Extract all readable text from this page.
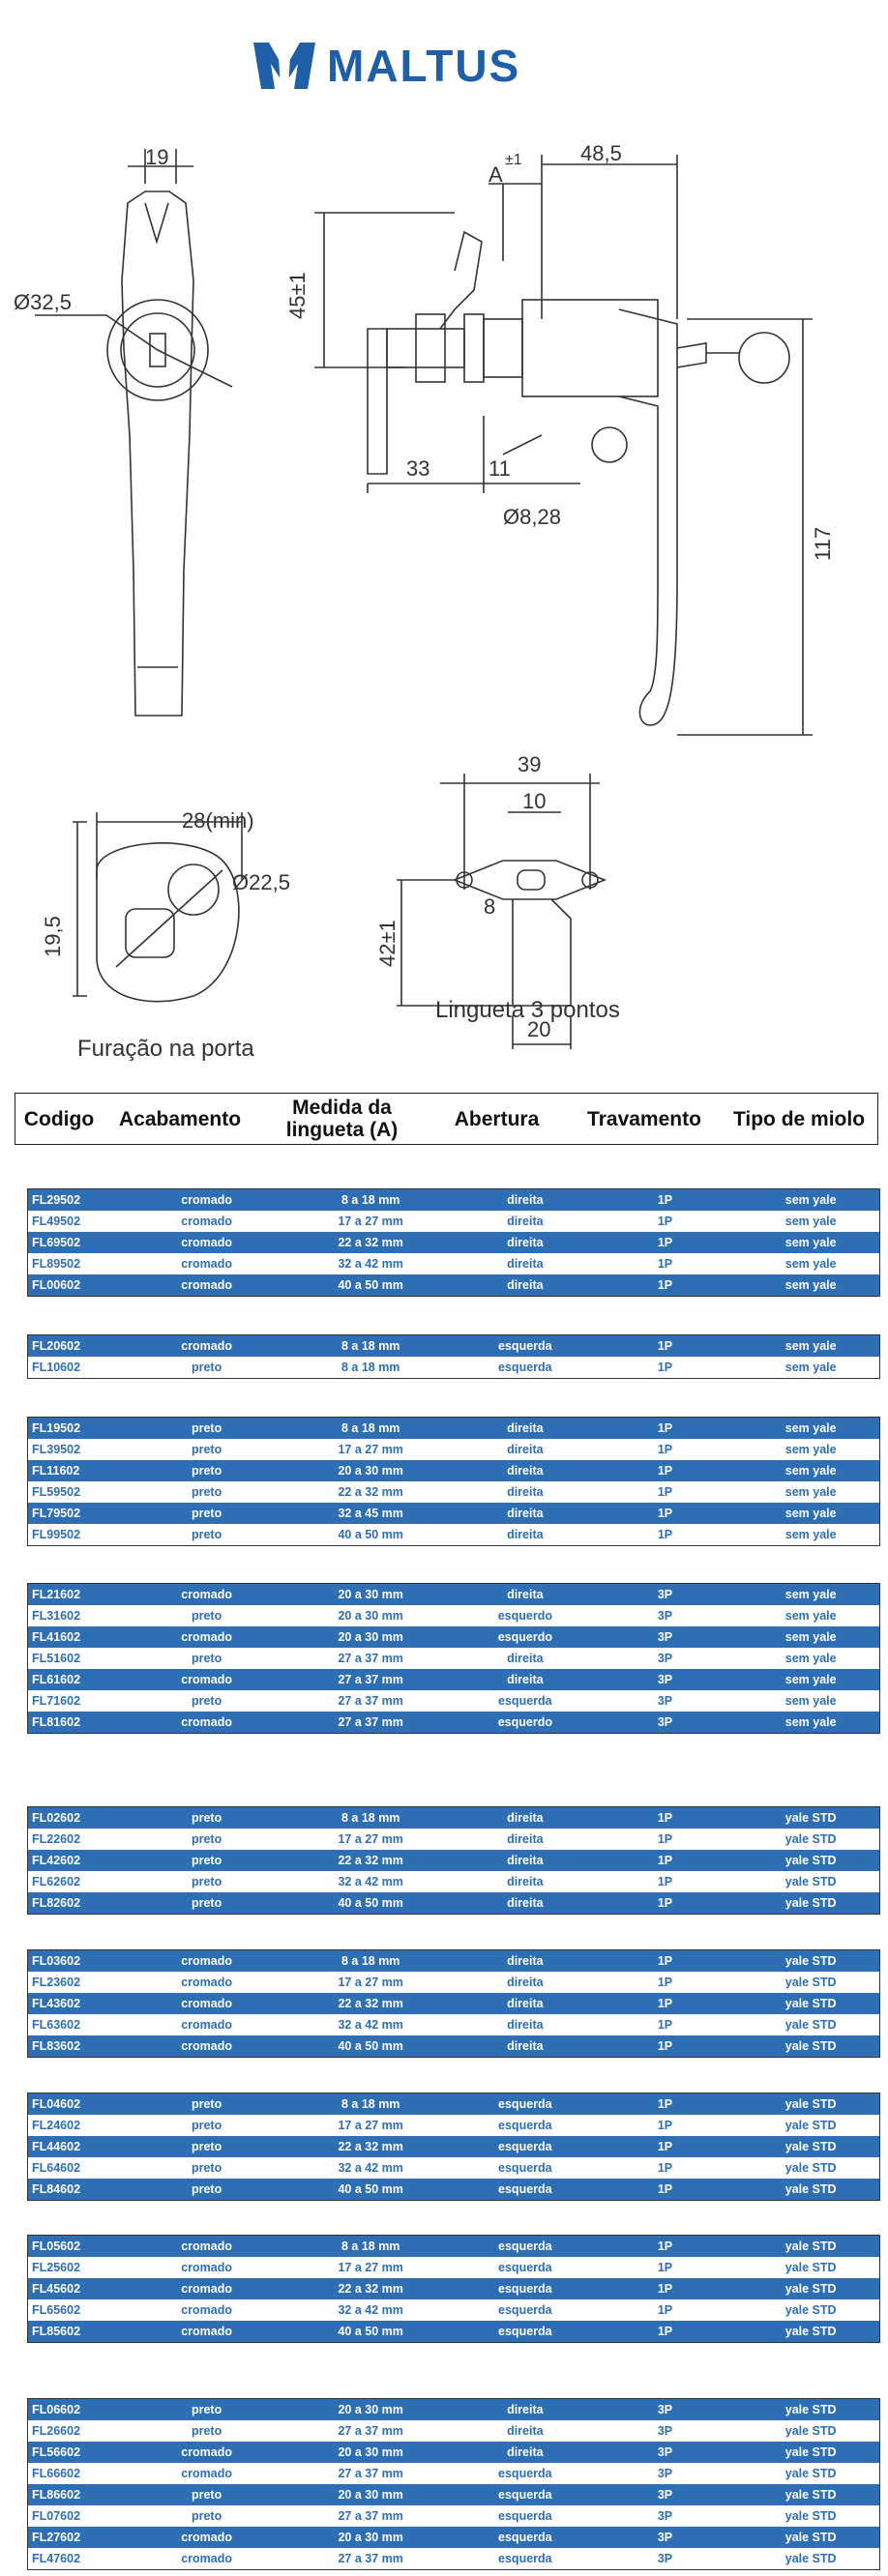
MALTUS
19
A
±1	48,5
45±1
Ø32,5
33	11
Ø8,28
117
39
10
8
42±1
20
28(min)
Ø22,5
19,5
Furação na porta
Lingueta 3 pontos
Codigo	Acabamento	Medida da lingueta (A)	Abertura	Travamento	Tipo de miolo
FL29502	cromado	8 a 18 mm	direita	1P	sem yale
FL49502	cromado	17 a 27 mm	direita	1P	sem yale
FL69502	cromado	22 a 32 mm	direita	1P	sem yale
FL89502	cromado	32 a 42 mm	direita	1P	sem yale
FL00602	cromado	40 a 50 mm	direita	1P	sem yale
FL20602	cromado	8 a 18 mm	esquerda	1P	sem yale
FL10602	preto	8 a 18 mm	esquerda	1P	sem yale
FL19502	preto	8 a 18 mm	direita	1P	sem yale
FL39502	preto	17 a 27 mm	direita	1P	sem yale
FL11602	preto	20 a 30 mm	direita	1P	sem yale
FL59502	preto	22 a 32 mm	direita	1P	sem yale
FL79502	preto	32 a 45 mm	direita	1P	sem yale
FL99502	preto	40 a 50 mm	direita	1P	sem yale
FL21602	cromado	20 a 30 mm	direita	3P	sem yale
FL31602	preto	20 a 30 mm	esquerdo	3P	sem yale
FL41602	cromado	20 a 30 mm	esquerdo	3P	sem yale
FL51602	preto	27 a 37 mm	direita	3P	sem yale
FL61602	cromado	27 a 37 mm	direita	3P	sem yale
FL71602	preto	27 a 37 mm	esquerda	3P	sem yale
FL81602	cromado	27 a 37 mm	esquerdo	3P	sem yale
FL02602	preto	8 a 18 mm	direita	1P	yale STD
FL22602	preto	17 a 27 mm	direita	1P	yale STD
FL42602	preto	22 a 32 mm	direita	1P	yale STD
FL62602	preto	32 a 42 mm	direita	1P	yale STD
FL82602	preto	40 a 50 mm	direita	1P	yale STD
FL03602	cromado	8 a 18 mm	direita	1P	yale STD
FL23602	cromado	17 a 27 mm	direita	1P	yale STD
FL43602	cromado	22 a 32 mm	direita	1P	yale STD
FL63602	cromado	32 a 42 mm	direita	1P	yale STD
FL83602	cromado	40 a 50 mm	direita	1P	yale STD
FL04602	preto	8 a 18 mm	esquerda	1P	yale STD
FL24602	preto	17 a 27 mm	esquerda	1P	yale STD
FL44602	preto	22 a 32 mm	esquerda	1P	yale STD
FL64602	preto	32 a 42 mm	esquerda	1P	yale STD
FL84602	preto	40 a 50 mm	esquerda	1P	yale STD
FL05602	cromado	8 a 18 mm	esquerda	1P	yale STD
FL25602	cromado	17 a 27 mm	esquerda	1P	yale STD
FL45602	cromado	22 a 32 mm	esquerda	1P	yale STD
FL65602	cromado	32 a 42 mm	esquerda	1P	yale STD
FL85602	cromado	40 a 50 mm	esquerda	1P	yale STD
FL06602	preto	20 a 30 mm	direita	3P	yale STD
FL26602	preto	27 a 37 mm	direita	3P	yale STD
FL56602	cromado	20 a 30 mm	direita	3P	yale STD
FL66602	cromado	27 a 37 mm	esquerda	3P	yale STD
FL86602	preto	20 a 30 mm	esquerda	3P	yale STD
FL07602	preto	27 a 37 mm	esquerda	3P	yale STD
FL27602	cromado	20 a 30 mm	esquerda	3P	yale STD
FL47602	cromado	27 a 37 mm	esquerda	3P	yale STD
